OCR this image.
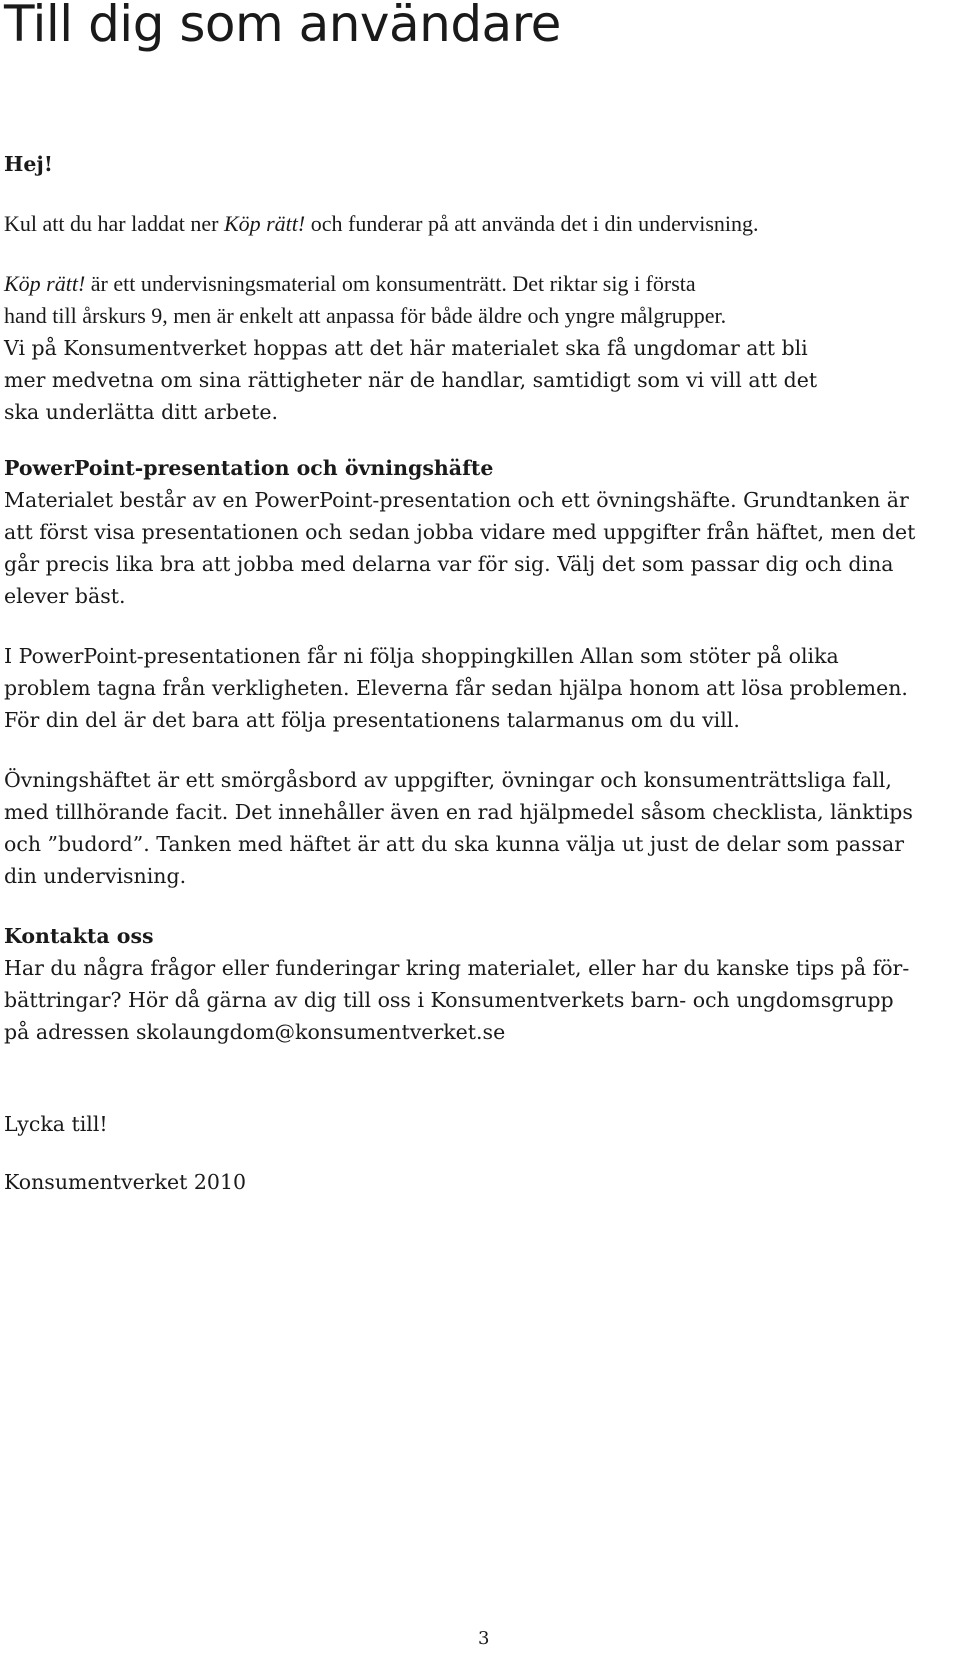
Till dig som användare

Hej!

Kul att du har laddat ner Köp rätt! och funderar på att använda det i din undervisning.

Köp rätt! är ett undervisningsmaterial om konsumenträtt. Det riktar sig i första
hand till årskurs 9, men är enkelt att anpassa för både äldre och yngre målgrupper.
Vi på Konsumentverket hoppas att det här materialet ska få ungdomar att bli
mer medvetna om sina rättigheter när de handlar, samtidigt som vi vill att det
ska underlätta ditt arbete.

PowerPoint-presentation och övningshäfte

Materialet består av en PowerPoint-presentation och ett övningshäfte. Grundtanken är
att först visa presentationen och sedan jobba vidare med uppgifter från häftet, men det
går precis lika bra att jobba med delarna var för sig. Välj det som passar dig och dina
elever bäst.

I PowerPoint-presentationen får ni följa shoppingkillen Allan som stöter på olika
problem tagna från verkligheten. Eleverna får sedan hjälpa honom att lösa problemen.
För din del är det bara att följa presentationens talarmanus om du vill.

Övningshäftet är ett smörgåsbord av uppgifter, övningar och konsumenträttsliga fall,
med tillhörande facit. Det innehåller även en rad hjälpmedel såsom checklista, länktips
och ”budord”. Tanken med häftet är att du ska kunna välja ut just de delar som passar
din undervisning.

Kontakta oss

Har du några frågor eller funderingar kring materialet, eller har du kanske tips på för-
bättringar? Hör då gärna av dig till oss i Konsumentverkets barn- och ungdomsgrupp
på adressen skolaungdom@konsumentverket.se

Lycka till!

Konsumentverket 2010

3
